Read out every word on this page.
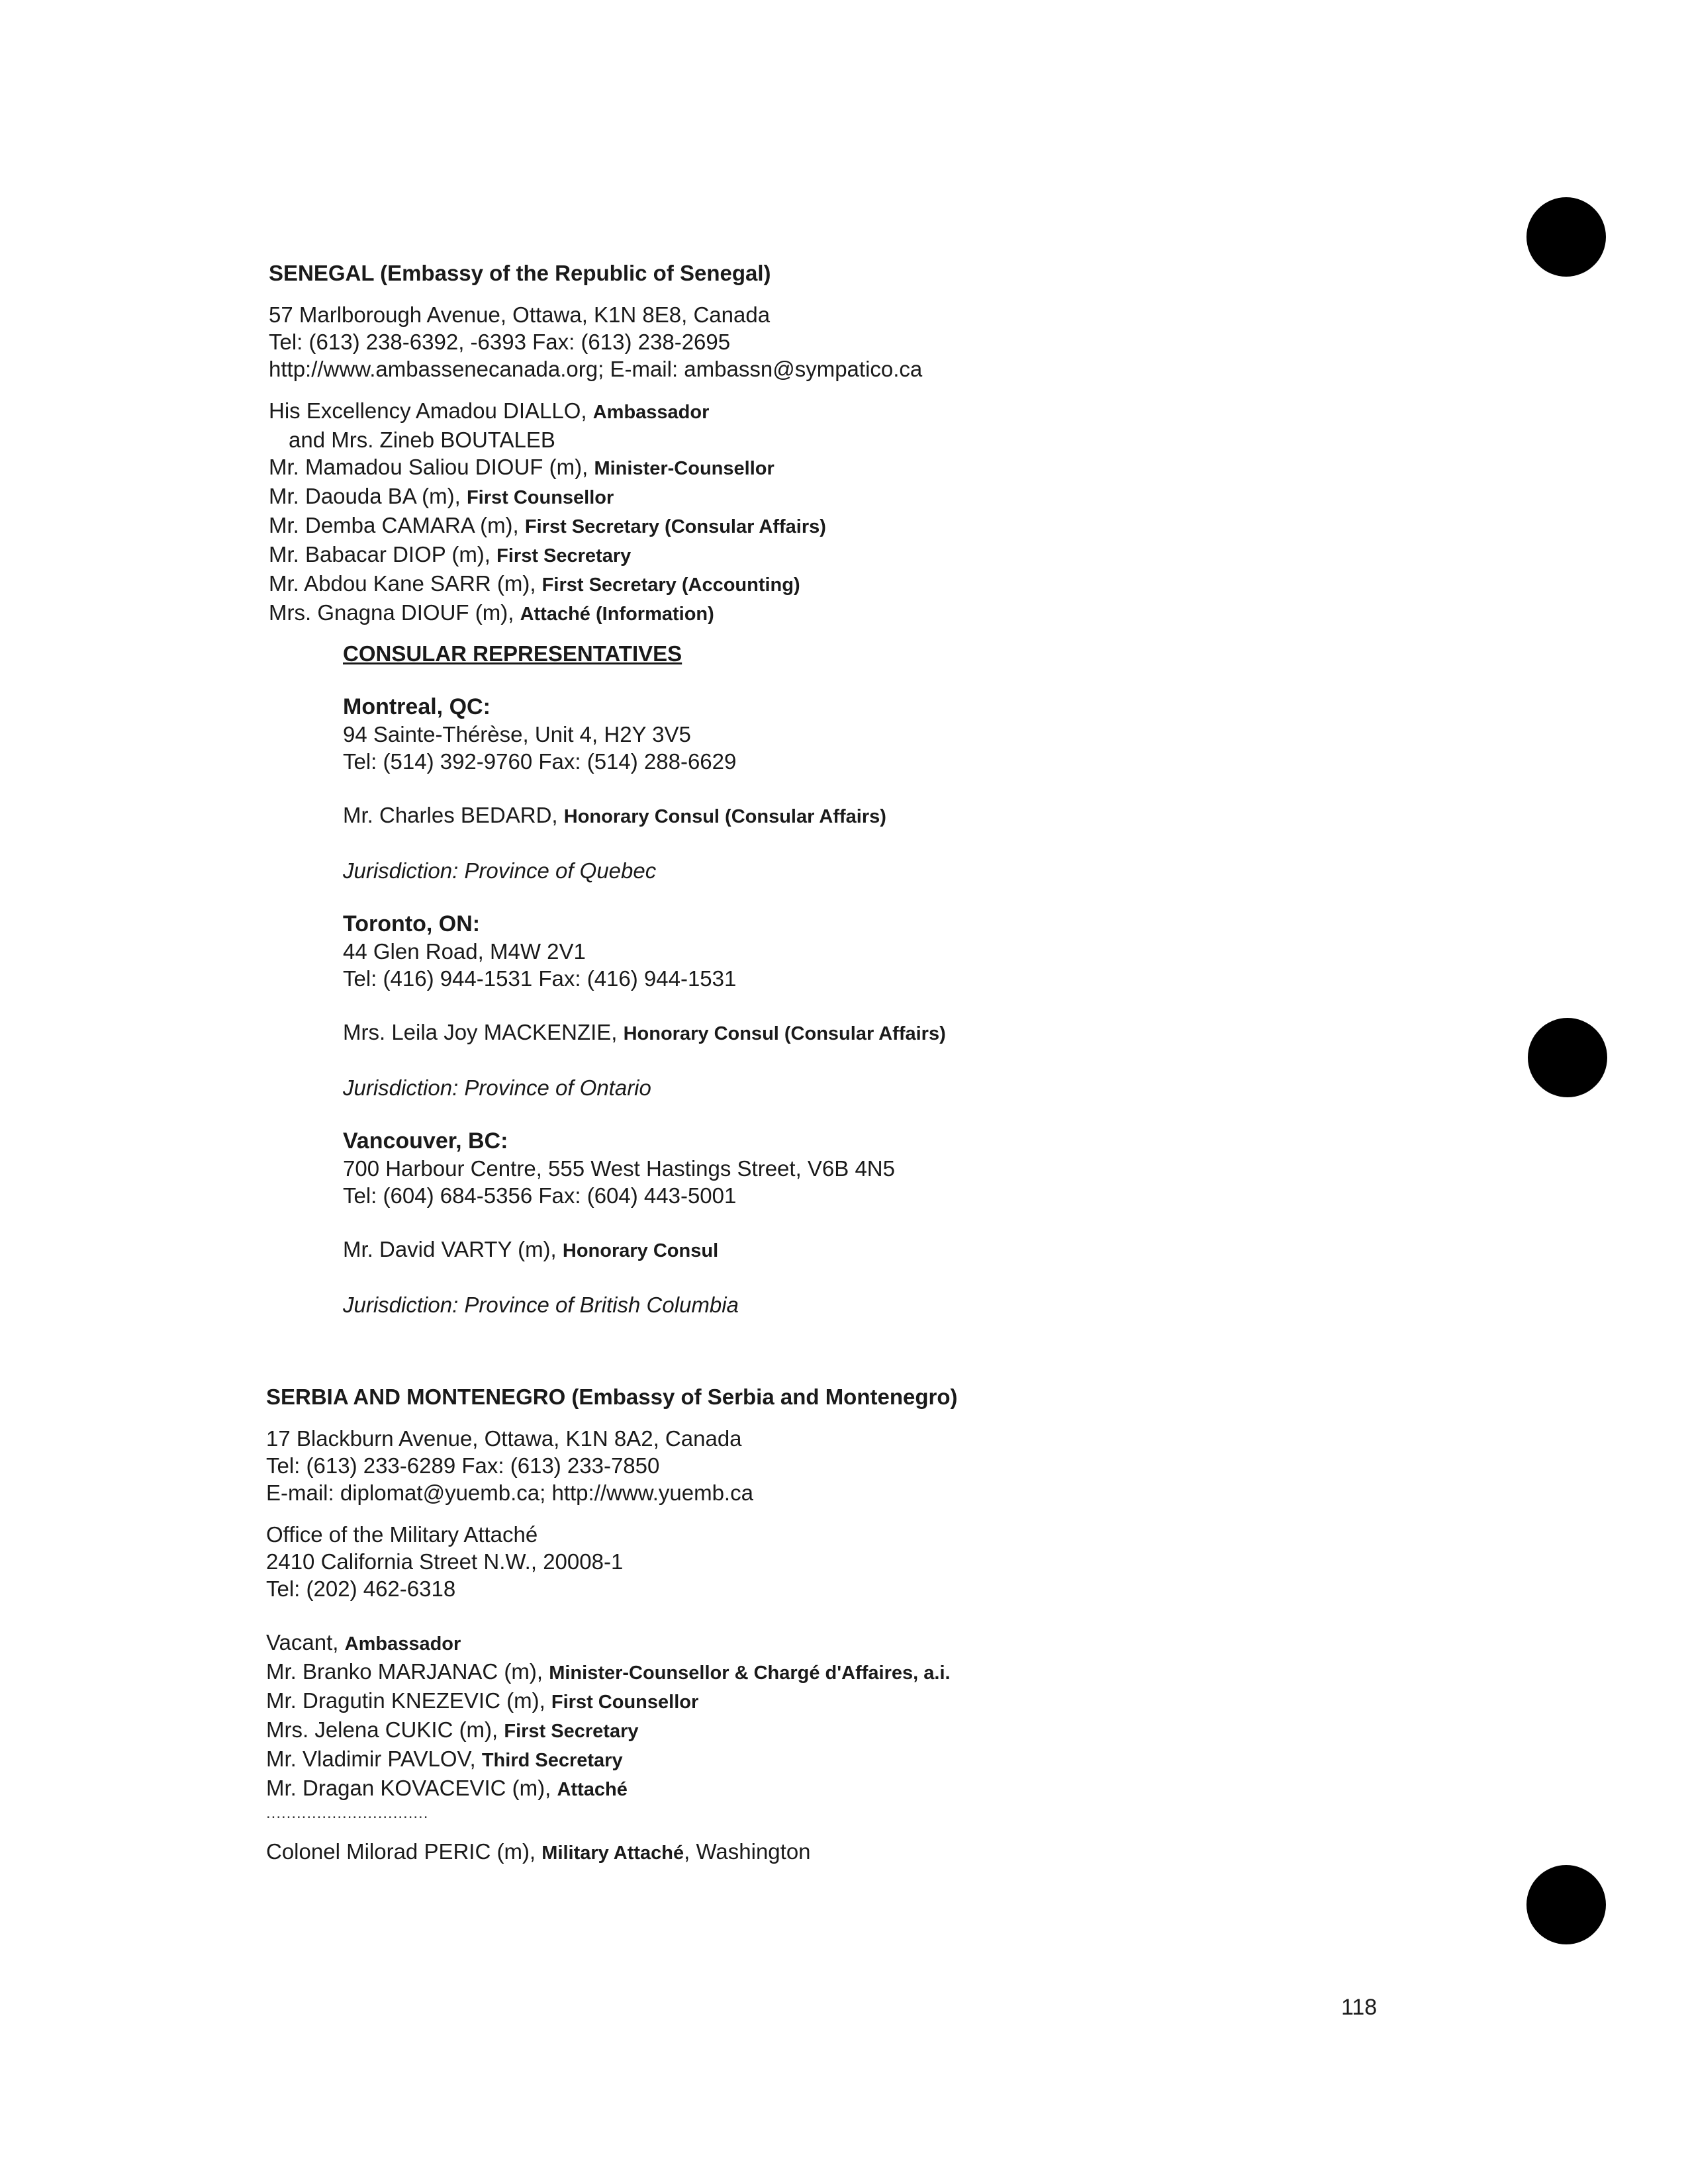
SENEGAL (Embassy of the Republic of Senegal)
57 Marlborough Avenue, Ottawa, K1N 8E8, Canada
Tel: (613) 238-6392, -6393 Fax: (613) 238-2695
http://www.ambassenecanada.org; E-mail: ambassn@sympatico.ca
His Excellency Amadou DIALLO, Ambassador
and Mrs. Zineb BOUTALEB
Mr. Mamadou Saliou DIOUF (m), Minister-Counsellor
Mr. Daouda BA (m), First Counsellor
Mr. Demba CAMARA (m), First Secretary (Consular Affairs)
Mr. Babacar DIOP (m), First Secretary
Mr. Abdou Kane SARR (m), First Secretary (Accounting)
Mrs. Gnagna DIOUF (m), Attaché (Information)
CONSULAR REPRESENTATIVES
Montreal, QC:
94 Sainte-Thérèse, Unit 4, H2Y 3V5
Tel: (514) 392-9760 Fax: (514) 288-6629
Mr. Charles BEDARD, Honorary Consul (Consular Affairs)
Jurisdiction: Province of Quebec
Toronto, ON:
44 Glen Road, M4W 2V1
Tel: (416) 944-1531 Fax: (416) 944-1531
Mrs. Leila Joy MACKENZIE, Honorary Consul (Consular Affairs)
Jurisdiction: Province of Ontario
Vancouver, BC:
700 Harbour Centre, 555 West Hastings Street, V6B 4N5
Tel: (604) 684-5356 Fax: (604) 443-5001
Mr. David VARTY (m), Honorary Consul
Jurisdiction: Province of British Columbia
SERBIA AND MONTENEGRO (Embassy of Serbia and Montenegro)
17 Blackburn Avenue, Ottawa, K1N 8A2, Canada
Tel: (613) 233-6289 Fax: (613) 233-7850
E-mail: diplomat@yuemb.ca; http://www.yuemb.ca
Office of the Military Attaché
2410 California Street N.W., 20008-1
Tel: (202) 462-6318
Vacant, Ambassador
Mr. Branko MARJANAC (m), Minister-Counsellor & Chargé d'Affaires, a.i.
Mr. Dragutin KNEZEVIC (m), First Counsellor
Mrs. Jelena CUKIC (m), First Secretary
Mr. Vladimir PAVLOV, Third Secretary
Mr. Dragan KOVACEVIC (m), Attaché
................................
Colonel Milorad PERIC (m), Military Attaché, Washington
118
